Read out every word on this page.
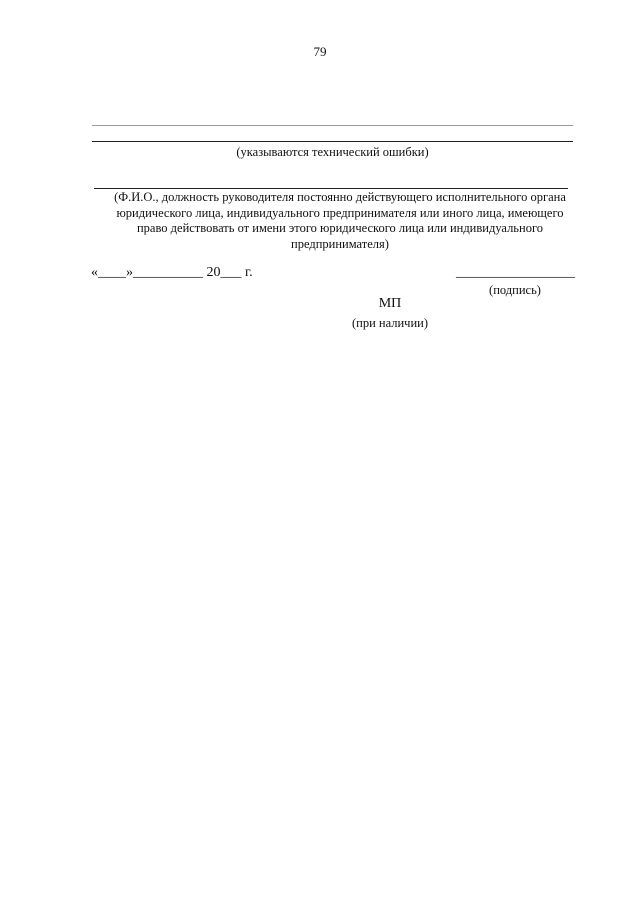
79
(указываются технический ошибки)
(Ф.И.О., должность руководителя постоянно действующего исполнительного органа
юридического лица, индивидуального предпринимателя или иного лица, имеющего
право действовать от имени этого юридического лица или индивидуального
предпринимателя)
«____»__________ 20___ г.	_________________
(подпись)
МП
(при наличии)
